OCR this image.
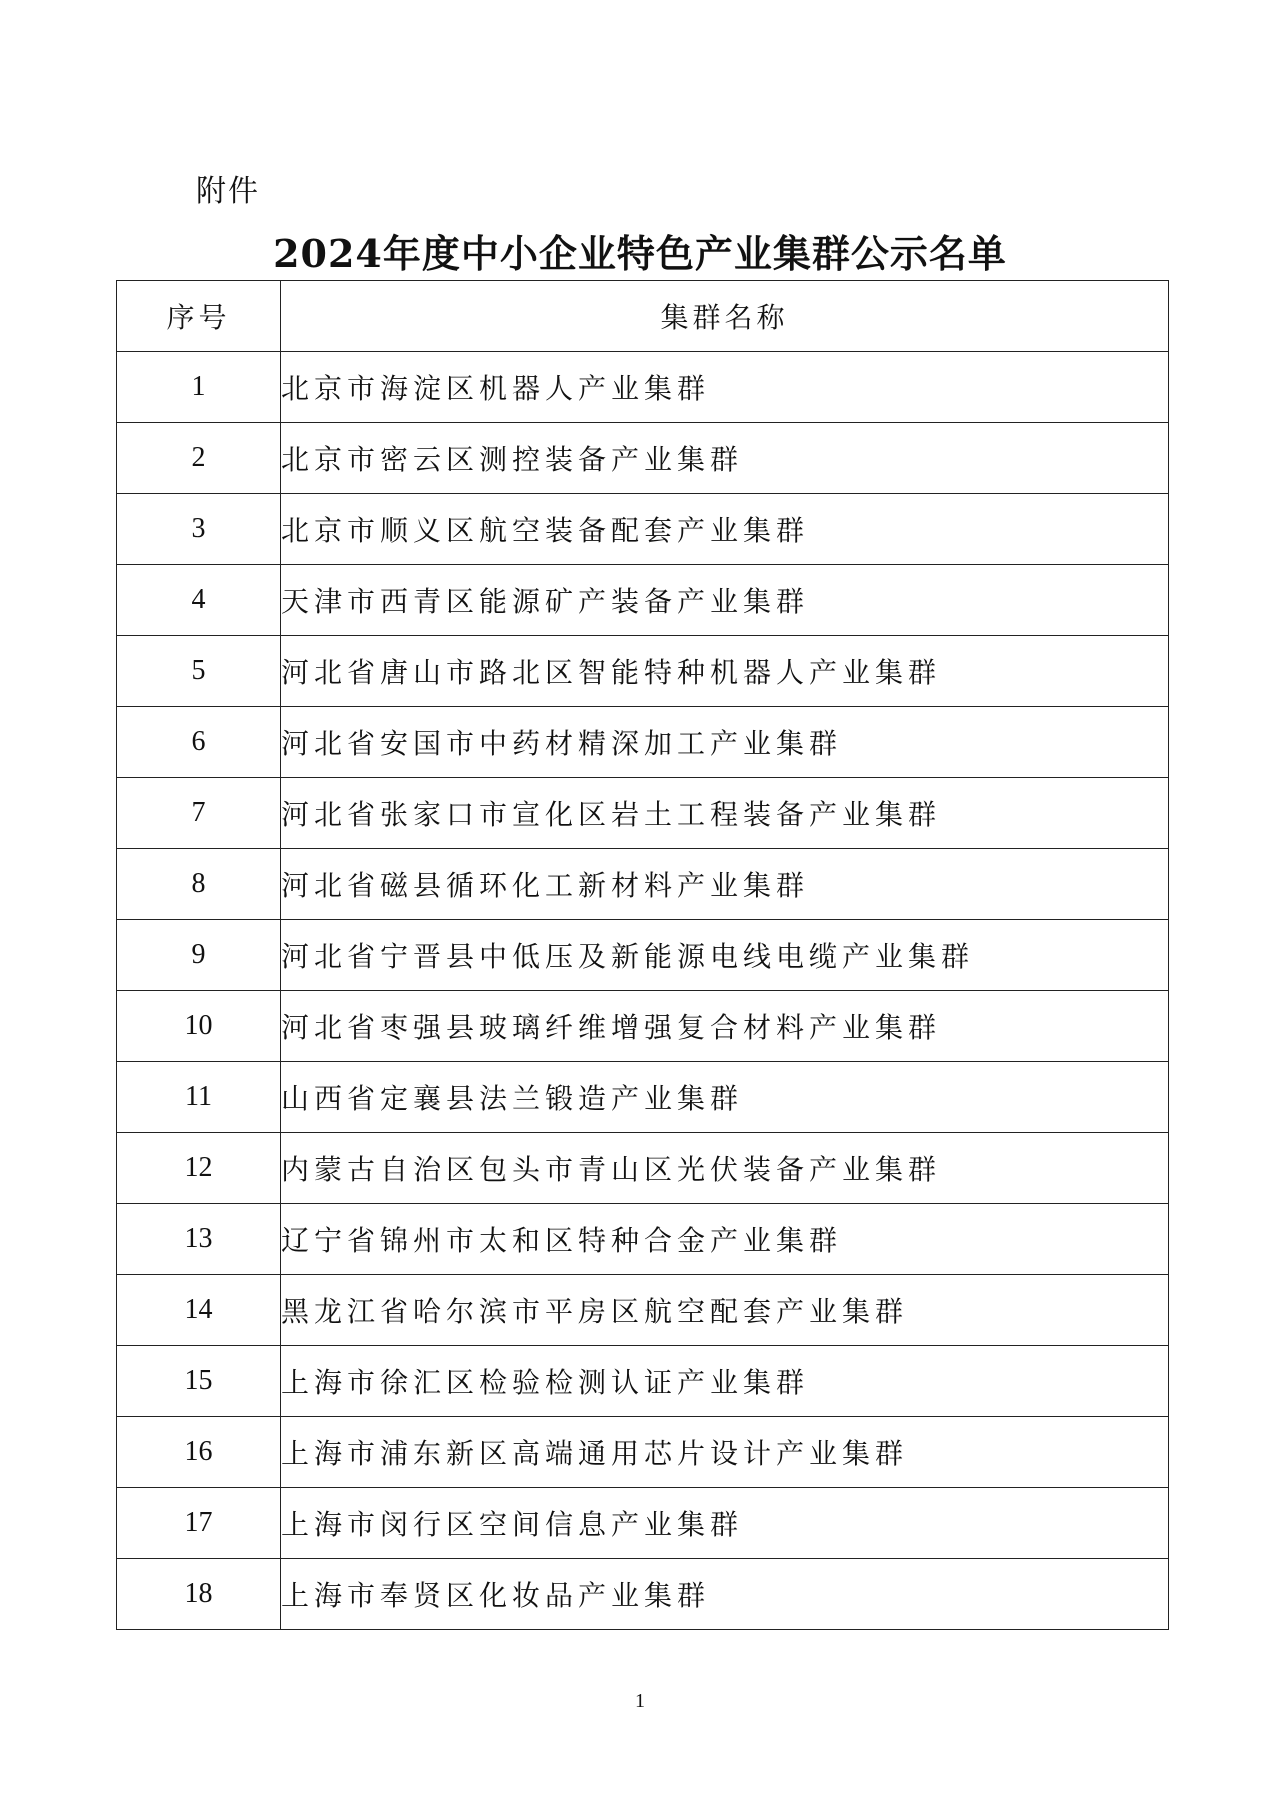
附件
2024年度中小企业特色产业集群公示名单
序号	集群名称
1	北京市海淀区机器人产业集群
2	北京市密云区测控装备产业集群
3	北京市顺义区航空装备配套产业集群
4	天津市西青区能源矿产装备产业集群
5	河北省唐山市路北区智能特种机器人产业集群
6	河北省安国市中药材精深加工产业集群
7	河北省张家口市宣化区岩土工程装备产业集群
8	河北省磁县循环化工新材料产业集群
9	河北省宁晋县中低压及新能源电线电缆产业集群
10	河北省枣强县玻璃纤维增强复合材料产业集群
11	山西省定襄县法兰锻造产业集群
12	内蒙古自治区包头市青山区光伏装备产业集群
13	辽宁省锦州市太和区特种合金产业集群
14	黑龙江省哈尔滨市平房区航空配套产业集群
15	上海市徐汇区检验检测认证产业集群
16	上海市浦东新区高端通用芯片设计产业集群
17	上海市闵行区空间信息产业集群
18	上海市奉贤区化妆品产业集群
1
